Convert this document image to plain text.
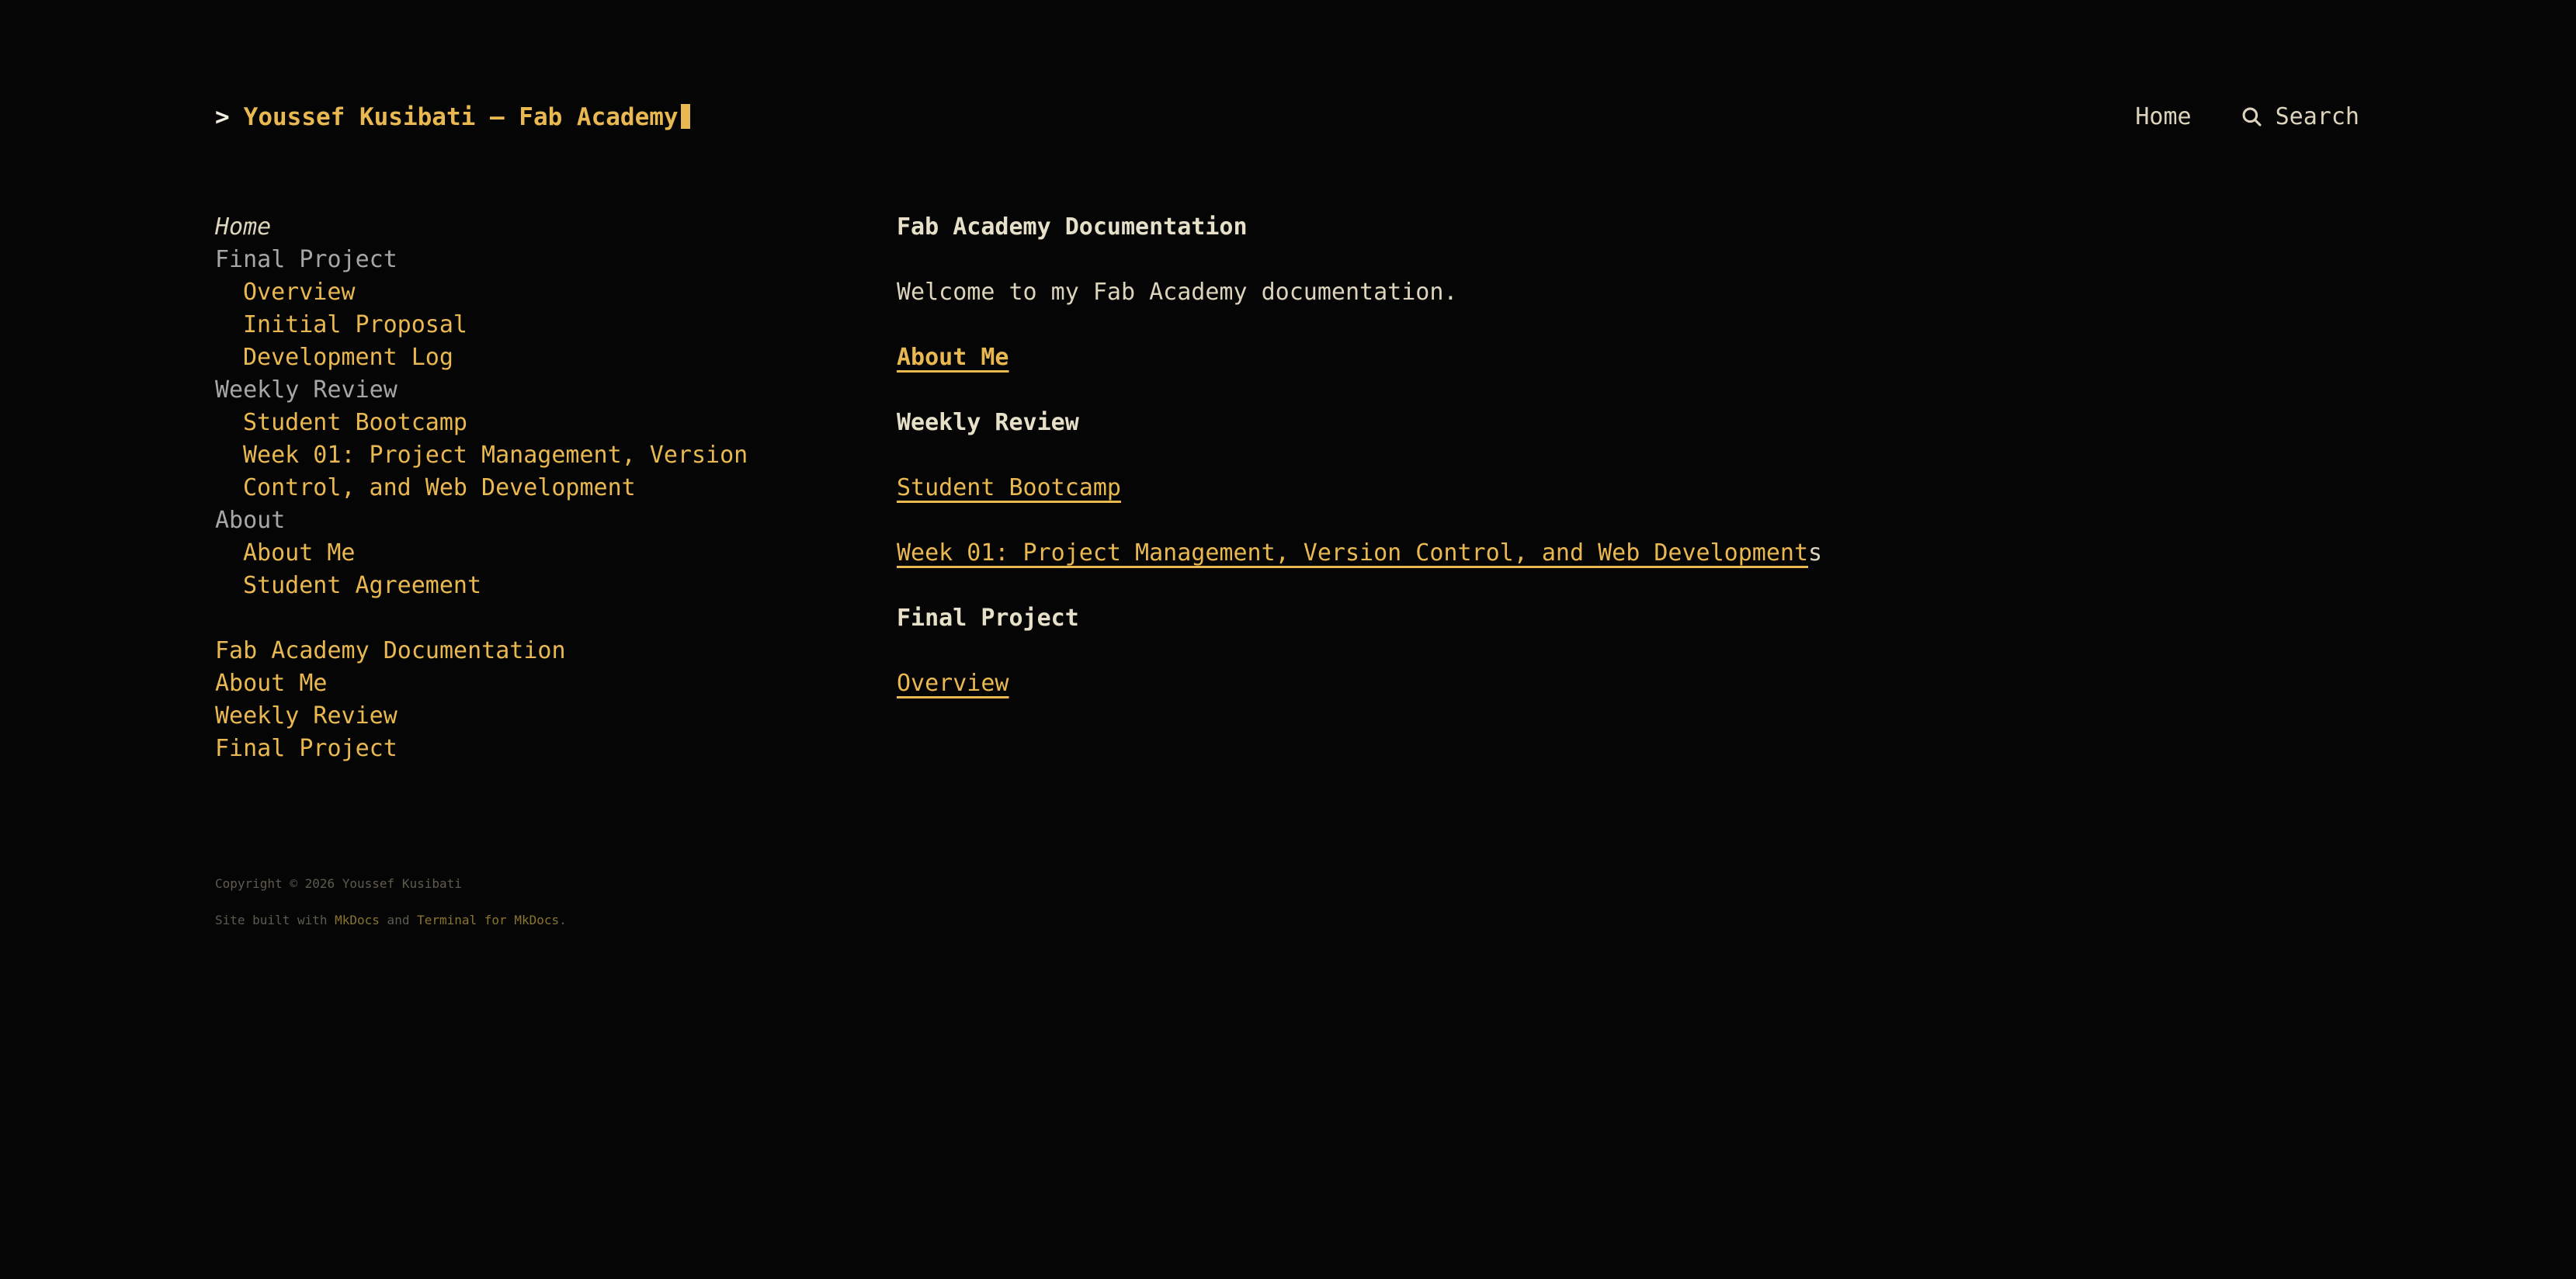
> Youssef Kusibati — Fab Academy	Home	Search
Home
Final Project
Overview
Initial Proposal
Development Log
Weekly Review
Student Bootcamp
Week 01: Project Management, Version Control, and Web Development
About
About Me
Student Agreement
Fab Academy Documentation
About Me
Weekly Review
Final Project
Fab Academy Documentation

Welcome to my Fab Academy documentation.

About Me

Weekly Review

Student Bootcamp

Week 01: Project Management, Version Control, and Web Developments

Final Project

Overview

Copyright © 2026 Youssef Kusibati

Site built with MkDocs and Terminal for MkDocs.
